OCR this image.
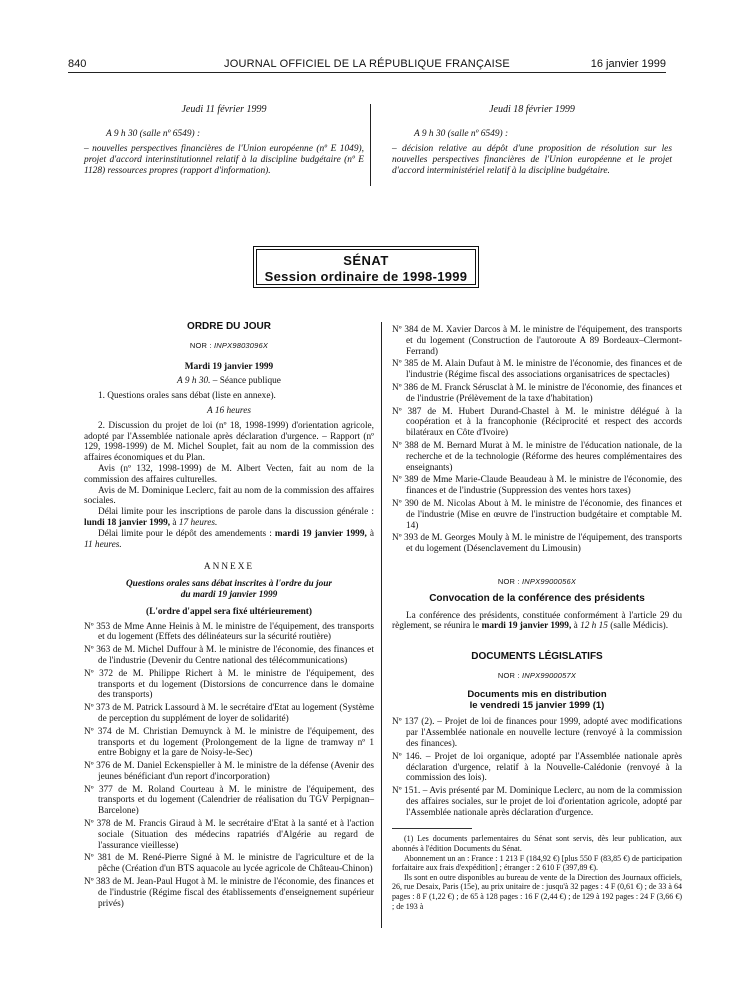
840	JOURNAL OFFICIEL DE LA RÉPUBLIQUE FRANÇAISE	16 janvier 1999
Jeudi 11 février 1999
A 9 h 30 (salle nº 6549) :
– nouvelles perspectives financières de l'Union européenne (nº E 1049), projet d'accord interinstitutionnel relatif à la discipline budgétaire (nº E 1128) ressources propres (rapport d'information).
Jeudi 18 février 1999
A 9 h 30 (salle nº 6549) :
– décision relative au dépôt d'une proposition de résolution sur les nouvelles perspectives financières de l'Union européenne et le projet d'accord interministériel relatif à la discipline budgétaire.
SÉNAT
Session ordinaire de 1998-1999
ORDRE DU JOUR
NOR : INPX9803096X
Mardi 19 janvier 1999
A 9 h 30. – Séance publique
1. Questions orales sans débat (liste en annexe).
A 16 heures
2. Discussion du projet de loi (nº 18, 1998-1999) d'orientation agricole, adopté par l'Assemblée nationale après déclaration d'urgence. – Rapport (nº 129, 1998-1999) de M. Michel Souplet, fait au nom de la commission des affaires économiques et du Plan.
Avis (nº 132, 1998-1999) de M. Albert Vecten, fait au nom de la commission des affaires culturelles.
Avis de M. Dominique Leclerc, fait au nom de la commission des affaires sociales.
Délai limite pour les inscriptions de parole dans la discussion générale : lundi 18 janvier 1999, à 17 heures.
Délai limite pour le dépôt des amendements : mardi 19 janvier 1999, à 11 heures.
ANNEXE
Questions orales sans débat inscrites à l'ordre du jour
du mardi 19 janvier 1999
(L'ordre d'appel sera fixé ultérieurement)
Nº 353 de Mme Anne Heinis à M. le ministre de l'équipement, des transports et du logement (Effets des délinéateurs sur la sécurité routière)
Nº 363 de M. Michel Duffour à M. le ministre de l'économie, des finances et de l'industrie (Devenir du Centre national des télécommunications)
Nº 372 de M. Philippe Richert à M. le ministre de l'équipement, des transports et du logement (Distorsions de concurrence dans le domaine des transports)
Nº 373 de M. Patrick Lassourd à M. le secrétaire d'Etat au logement (Système de perception du supplément de loyer de solidarité)
Nº 374 de M. Christian Demuynck à M. le ministre de l'équipement, des transports et du logement (Prolongement de la ligne de tramway nº 1 entre Bobigny et la gare de Noisy-le-Sec)
Nº 376 de M. Daniel Eckenspieller à M. le ministre de la défense (Avenir des jeunes bénéficiant d'un report d'incorporation)
Nº 377 de M. Roland Courteau à M. le ministre de l'équipement, des transports et du logement (Calendrier de réalisation du TGV Perpignan–Barcelone)
Nº 378 de M. Francis Giraud à M. le secrétaire d'Etat à la santé et à l'action sociale (Situation des médecins rapatriés d'Algérie au regard de l'assurance vieillesse)
Nº 381 de M. René-Pierre Signé à M. le ministre de l'agriculture et de la pêche (Création d'un BTS aquacole au lycée agricole de Château-Chinon)
Nº 383 de M. Jean-Paul Hugot à M. le ministre de l'économie, des finances et de l'industrie (Régime fiscal des établissements d'enseignement supérieur privés)
Nº 384 de M. Xavier Darcos à M. le ministre de l'équipement, des transports et du logement (Construction de l'autoroute A 89 Bordeaux–Clermont-Ferrand)
Nº 385 de M. Alain Dufaut à M. le ministre de l'économie, des finances et de l'industrie (Régime fiscal des associations organisatrices de spectacles)
Nº 386 de M. Franck Sérusclat à M. le ministre de l'économie, des finances et de l'industrie (Prélèvement de la taxe d'habitation)
Nº 387 de M. Hubert Durand-Chastel à M. le ministre délégué à la coopération et à la francophonie (Réciprocité et respect des accords bilatéraux en Côte d'Ivoire)
Nº 388 de M. Bernard Murat à M. le ministre de l'éducation nationale, de la recherche et de la technologie (Réforme des heures complémentaires des enseignants)
Nº 389 de Mme Marie-Claude Beaudeau à M. le ministre de l'économie, des finances et de l'industrie (Suppression des ventes hors taxes)
Nº 390 de M. Nicolas About à M. le ministre de l'économie, des finances et de l'industrie (Mise en œuvre de l'instruction budgétaire et comptable M. 14)
Nº 393 de M. Georges Mouly à M. le ministre de l'équipement, des transports et du logement (Désenclavement du Limousin)
NOR : INPX9900056X
Convocation de la conférence des présidents
La conférence des présidents, constituée conformément à l'article 29 du règlement, se réunira le mardi 19 janvier 1999, à 12 h 15 (salle Médicis).
DOCUMENTS LÉGISLATIFS
NOR : INPX9900057X
Documents mis en distribution
le vendredi 15 janvier 1999 (1)
Nº 137 (2). – Projet de loi de finances pour 1999, adopté avec modifications par l'Assemblée nationale en nouvelle lecture (renvoyé à la commission des finances).
Nº 146. – Projet de loi organique, adopté par l'Assemblée nationale après déclaration d'urgence, relatif à la Nouvelle-Calédonie (renvoyé à la commission des lois).
Nº 151. – Avis présenté par M. Dominique Leclerc, au nom de la commission des affaires sociales, sur le projet de loi d'orientation agricole, adopté par l'Assemblée nationale après déclaration d'urgence.
(1) Les documents parlementaires du Sénat sont servis, dès leur publication, aux abonnés à l'édition Documents du Sénat.
Abonnement un an : France : 1 213 F (184,92 €) [plus 550 F (83,85 €) de participation forfaitaire aux frais d'expédition] ; étranger : 2 610 F (397,89 €).
Ils sont en outre disponibles au bureau de vente de la Direction des Journaux officiels, 26, rue Desaix, Paris (15e), au prix unitaire de : jusqu'à 32 pages : 4 F (0,61 €) ; de 33 à 64 pages : 8 F (1,22 €) ; de 65 à 128 pages : 16 F (2,44 €) ; de 129 à 192 pages : 24 F (3,66 €) ; de 193 à
